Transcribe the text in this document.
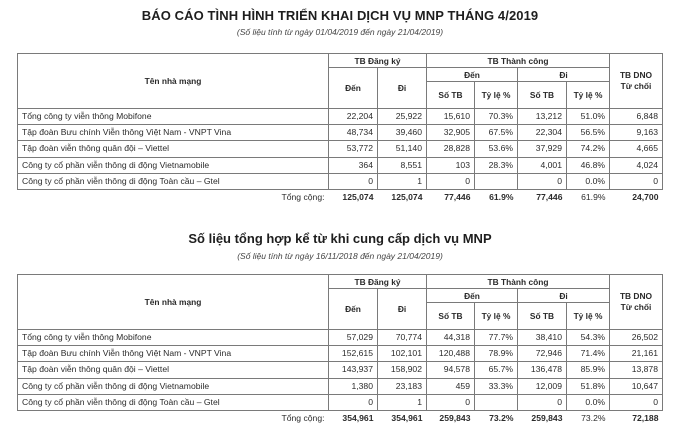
BÁO CÁO TÌNH HÌNH TRIỂN KHAI DỊCH VỤ MNP THÁNG 4/2019
(Số liệu tính từ ngày 01/04/2019 đến ngày 21/04/2019)
Tên nhà mạng	TB Đăng ký		TB Thành công				TB DNO Từ chối
	Đến	Đi	Đến		Đi		
			Số TB	Tỷ lệ %	Số TB	Tỷ lệ %	
Tổng công ty viễn thông Mobifone	22,204	25,922	15,610	70.3%	13,212	51.0%	6,848
Tập đoàn Bưu chính Viễn thông Việt Nam - VNPT Vina	48,734	39,460	32,905	67.5%	22,304	56.5%	9,163
Tập đoàn viễn thông quân đội – Viettel	53,772	51,140	28,828	53.6%	37,929	74.2%	4,665
Công ty cổ phần viễn thông di động Vietnamobile	364	8,551	103	28.3%	4,001	46.8%	4,024
Công ty cổ phần viễn thông di động Toàn cầu – Gtel	0	1	0		0	0.0%	0
Tổng cộng:	125,074	125,074	77,446	61.9%	77,446	61.9%	24,700
Số liệu tổng hợp kể từ khi cung cấp dịch vụ MNP
(Số liệu tính từ ngày 16/11/2018 đến ngày 21/04/2019)
Tên nhà mạng	TB Đăng ký		TB Thành công				TB DNO Từ chối
	Đến	Đi	Đến		Đi		
			Số TB	Tỷ lệ %	Số TB	Tỷ lệ %	
Tổng công ty viễn thông Mobifone	57,029	70,774	44,318	77.7%	38,410	54.3%	26,502
Tập đoàn Bưu chính Viễn thông Việt Nam - VNPT Vina	152,615	102,101	120,488	78.9%	72,946	71.4%	21,161
Tập đoàn viễn thông quân đội – Viettel	143,937	158,902	94,578	65.7%	136,478	85.9%	13,878
Công ty cổ phần viễn thông di động Vietnamobile	1,380	23,183	459	33.3%	12,009	51.8%	10,647
Công ty cổ phần viễn thông di động Toàn cầu – Gtel	0	1	0		0	0.0%	0
Tổng cộng:	354,961	354,961	259,843	73.2%	259,843	73.2%	72,188
